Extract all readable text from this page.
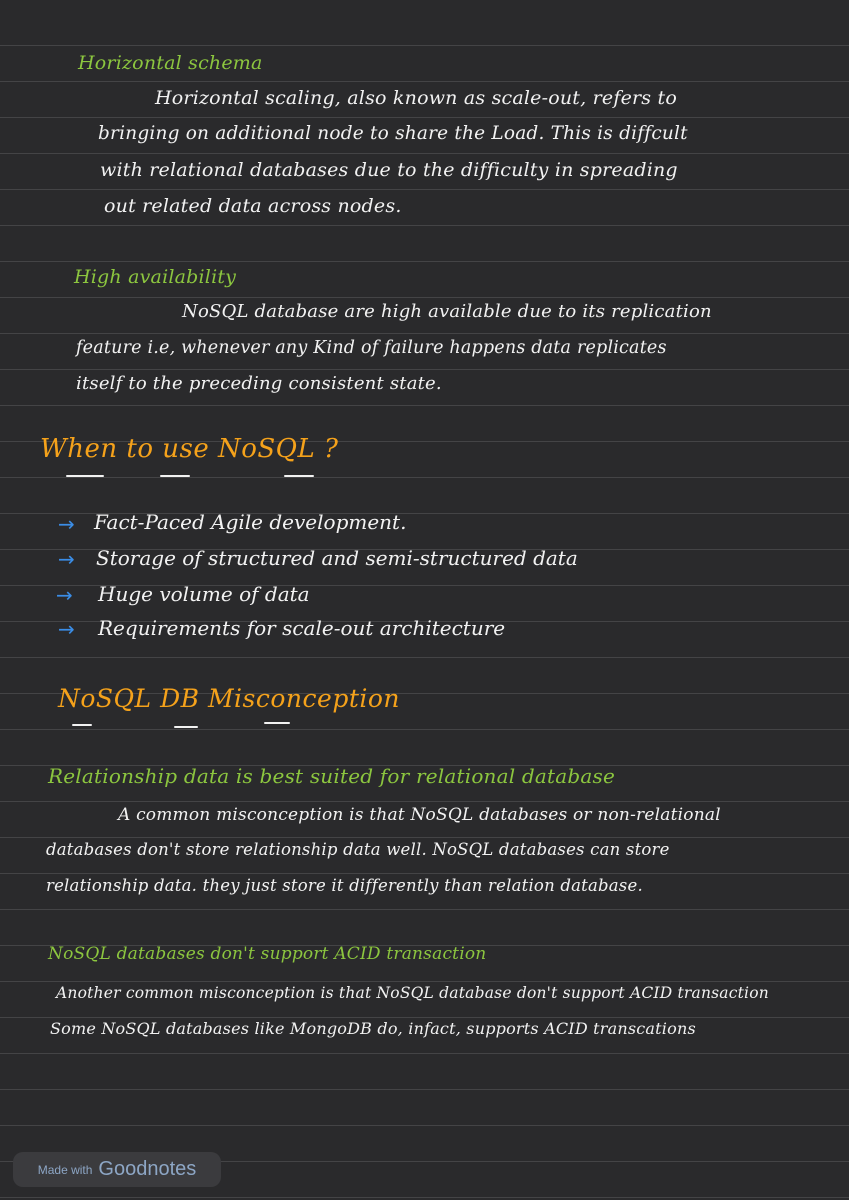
Horizontal schema
Horizontal scaling, also known as scale-out, refers to
bringing on additional node to share the Load. This is diffcult
with relational databases due to the difficulty in spreading
out related data across nodes.
High availability
NoSQL database are high available due to its replication
feature i.e, whenever any Kind of failure happens data replicates
itself to the preceding consistent state.
When to use NoSQL ?
→ Fact-Paced Agile development.
→ Storage of structured and semi-structured data
→ Huge volume of data
→ Requirements for scale-out architecture
NoSQL DB Misconception
Relationship data is best suited for relational database
A common misconception is that NoSQL databases or non-relational
databases don't store relationship data well. NoSQL databases can store
relationship data. they just store it differently than relation database.
NoSQL databases don't support ACID transaction
Another common misconception is that NoSQL database don't support ACID transaction
Some NoSQL databases like MongoDB do, infact, supports ACID transcations
Made with Goodnotes
